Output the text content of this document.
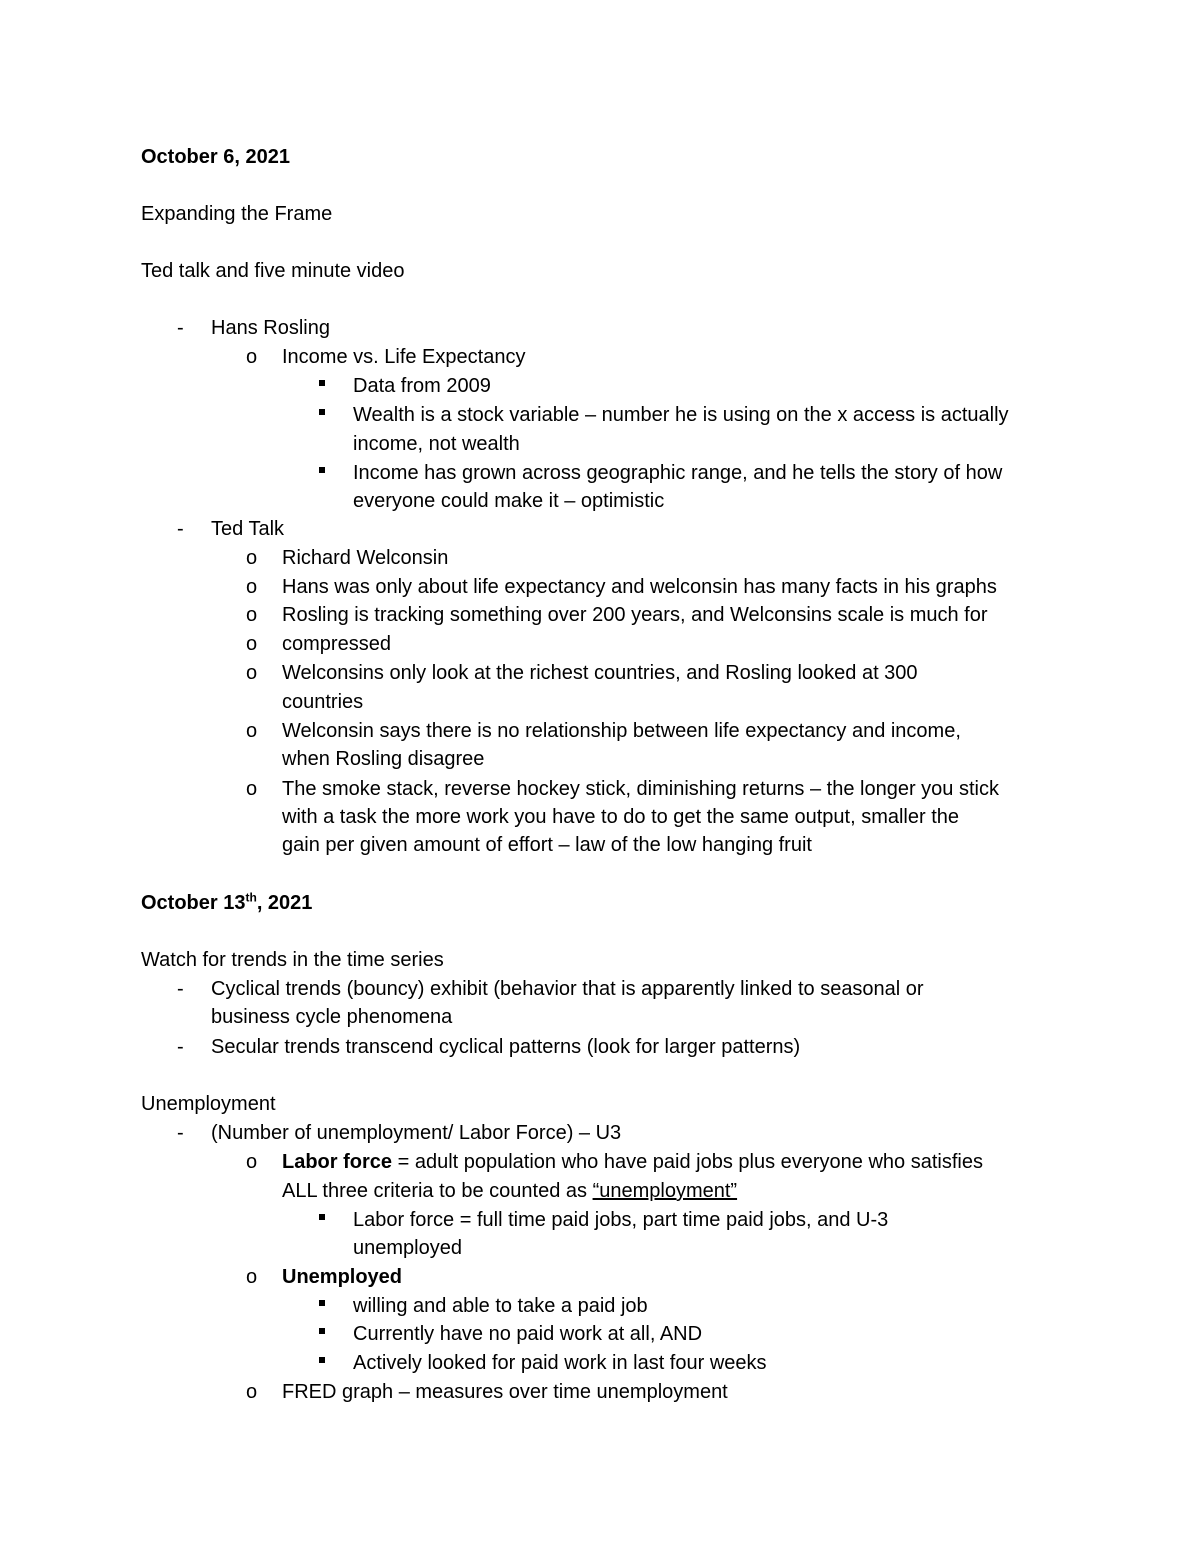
October 6, 2021
Expanding the Frame
Ted talk and five minute video
- Hans Rosling
o Income vs. Life Expectancy
Data from 2009
Wealth is a stock variable – number he is using on the x access is actually
income, not wealth
Income has grown across geographic range, and he tells the story of how
everyone could make it – optimistic
- Ted Talk
o Richard Welconsin
o Hans was only about life expectancy and welconsin has many facts in his graphs
o Rosling is tracking something over 200 years, and Welconsins scale is much for
o compressed
o Welconsins only look at the richest countries, and Rosling looked at 300
countries
o Welconsin says there is no relationship between life expectancy and income,
when Rosling disagree
o The smoke stack, reverse hockey stick, diminishing returns – the longer you stick
with a task the more work you have to do to get the same output, smaller the
gain per given amount of effort – law of the low hanging fruit
October 13th, 2021
Watch for trends in the time series
- Cyclical trends (bouncy) exhibit (behavior that is apparently linked to seasonal or
business cycle phenomena
- Secular trends transcend cyclical patterns (look for larger patterns)
Unemployment
- (Number of unemployment/ Labor Force) – U3
o Labor force = adult population who have paid jobs plus everyone who satisfies
ALL three criteria to be counted as “unemployment”
Labor force = full time paid jobs, part time paid jobs, and U-3
unemployed
o Unemployed
willing and able to take a paid job
Currently have no paid work at all, AND
Actively looked for paid work in last four weeks
o FRED graph – measures over time unemployment
